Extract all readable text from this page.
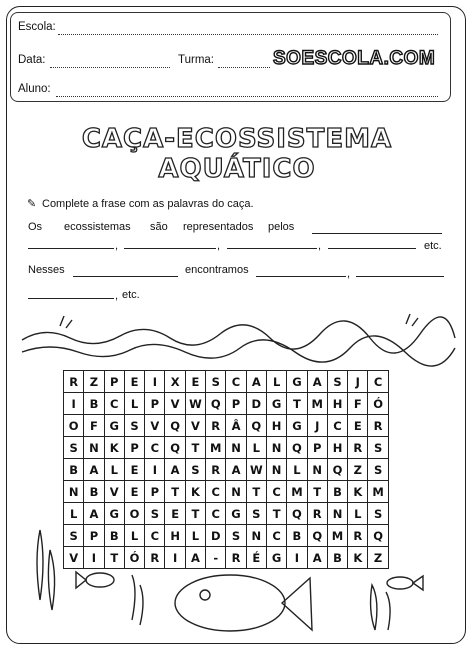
Escola:
Data:	Turma:	SOESCOLA.COM
Aluno:
CAÇA-ECOSSISTEMA
AQUÁTICO
✎ Complete a frase com as palavras do caça.
Os ecossistemas são representados pelos
,	,	,	etc.
Nesses	encontramos	,
, etc.
R	Z	P	E	I	X	E	S	C	A	L	G	A	S	J	C
I	B	C	L	P	V	W	Q	P	D	G	T	M	H	F	Ó
O	F	G	S	V	Q	V	R	Â	Q	H	G	J	C	E	R
S	N	K	P	C	Q	T	M	N	L	N	Q	P	H	R	S
B	A	L	E	I	A	S	R	A	W	N	L	N	Q	Z	S
N	B	V	E	P	T	K	C	N	T	C	M	T	B	K	M
L	A	G	O	S	E	T	C	G	S	T	Q	R	N	L	S
S	P	B	L	C	H	L	D	S	N	C	B	Q	M	R	Q
V	I	T	Ó	R	I	A	-	R	É	G	I	A	B	K	Z
